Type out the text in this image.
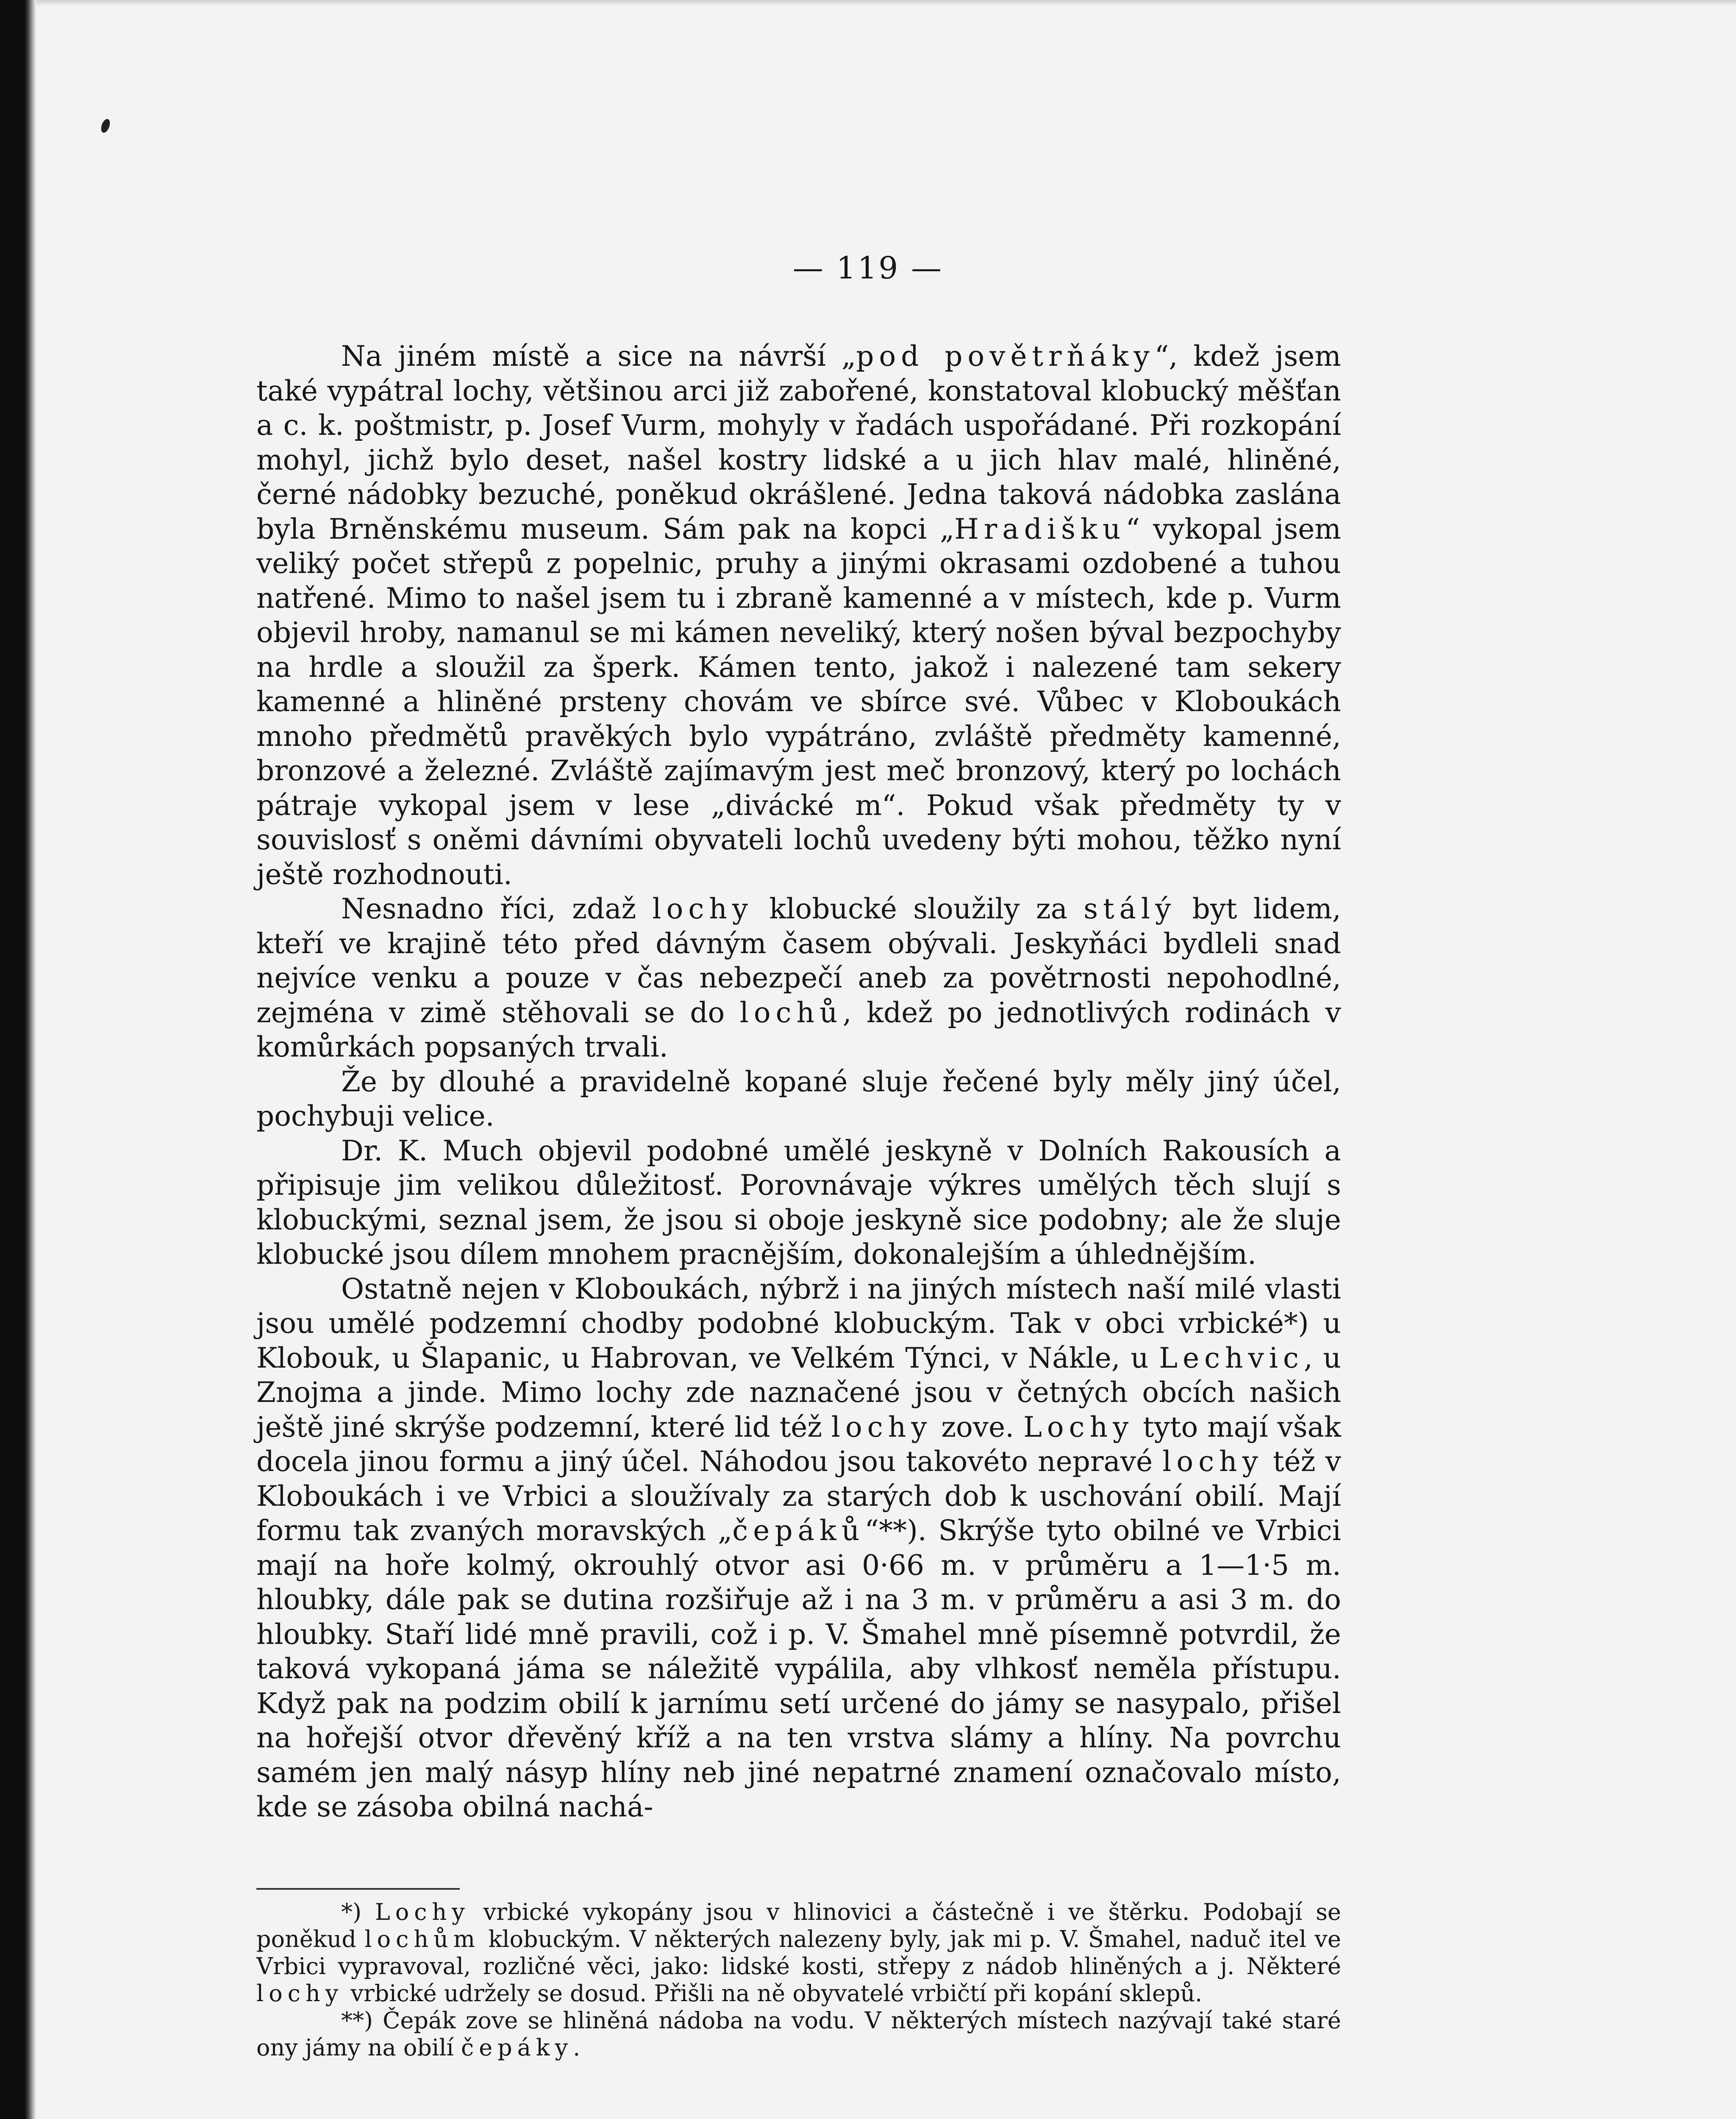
— 119 —

Na jiném místě a sice na návrší „pod povětrňáky“, kdež jsem také vypátral lochy, většinou arci již zabořené, konstatoval klobucký měšťan a c. k. poštmistr, p. Josef Vurm, mohyly v řadách uspořádané. Při rozkopání mohyl, jichž bylo deset, našel kostry lidské a u jich hlav malé, hliněné, černé nádobky bezuché, poněkud okrášlené. Jedna taková nádobka zaslána byla Brněnskému museum. Sám pak na kopci „Hradišku“ vykopal jsem veliký počet střepů z popelnic, pruhy a jinými okrasami ozdobené a tuhou natřené. Mimo to našel jsem tu i zbraně kamenné a v místech, kde p. Vurm objevil hroby, namanul se mi kámen neveliký, který nošen býval bezpochyby na hrdle a sloužil za šperk. Kámen tento, jakož i nalezené tam sekery kamenné a hliněné prsteny chovám ve sbírce své. Vůbec v Kloboukách mnoho předmětů pravěkých bylo vypátráno, zvláště předměty kamenné, bronzové a železné. Zvláště zajímavým jest meč bronzový, který po lochách pátraje vykopal jsem v lese „divácké m“. Pokud však předměty ty v souvislosť s oněmi dávními obyvateli lochů uvedeny býti mohou, těžko nyní ještě rozhodnouti.

Nesnadno říci, zdaž lochy klobucké sloužily za stálý byt lidem, kteří ve krajině této před dávným časem obývali. Jeskyňáci bydleli snad nejvíce venku a pouze v čas nebezpečí aneb za povětrnosti nepohodlné, zejména v zimě stěhovali se do lochů, kdež po jednotlivých rodinách v komůrkách popsaných trvali.

Že by dlouhé a pravidelně kopané sluje řečené byly měly jiný účel, pochybuji velice.

Dr. K. Much objevil podobné umělé jeskyně v Dolních Rakousích a připisuje jim velikou důležitosť. Porovnávaje výkres umělých těch slují s klobuckými, seznal jsem, že jsou si oboje jeskyně sice podobny; ale že sluje klobucké jsou dílem mnohem pracnějším, dokonalejším a úhlednějším.

Ostatně nejen v Kloboukách, nýbrž i na jiných místech naší milé vlasti jsou umělé podzemní chodby podobné klobuckým. Tak v obci vrbické*) u Klobouk, u Šlapanic, u Habrovan, ve Velkém Týnci, v Nákle, u Lechvic, u Znojma a jinde. Mimo lochy zde naznačené jsou v četných obcích našich ještě jiné skrýše podzemní, které lid též lochy zove. Lochy tyto mají však docela jinou formu a jiný účel. Náhodou jsou takovéto nepravé lochy též v Kloboukách i ve Vrbici a sloužívaly za starých dob k uschování obilí. Mají formu tak zvaných moravských „čepáků“**). Skrýše tyto obilné ve Vrbici mají na hoře kolmý, okrouhlý otvor asi 0·66 m. v průměru a 1—1·5 m. hloubky, dále pak se dutina rozšiřuje až i na 3 m. v průměru a asi 3 m. do hloubky. Staří lidé mně pravili, což i p. V. Šmahel mně písemně potvrdil, že taková vykopaná jáma se náležitě vypálila, aby vlhkosť neměla přístupu. Když pak na podzim obilí k jarnímu setí určené do jámy se nasypalo, přišel na hořejší otvor dřevěný kříž a na ten vrstva slámy a hlíny. Na povrchu samém jen malý násyp hlíny neb jiné nepatrné znamení označovalo místo, kde se zásoba obilná nachá-

*) Lochy vrbické vykopány jsou v hlinovici a částečně i ve štěrku. Podobají se poněkud lochům klobuckým. V některých nalezeny byly, jak mi p. V. Šmahel, naduč itel ve Vrbici vypravoval, rozličné věci, jako: lidské kosti, střepy z nádob hliněných a j. Některé lochy vrbické udržely se dosud. Přišli na ně obyvatelé vrbičtí při kopání sklepů.

**) Čepák zove se hliněná nádoba na vodu. V některých místech nazývají také staré ony jámy na obilí čepáky.
